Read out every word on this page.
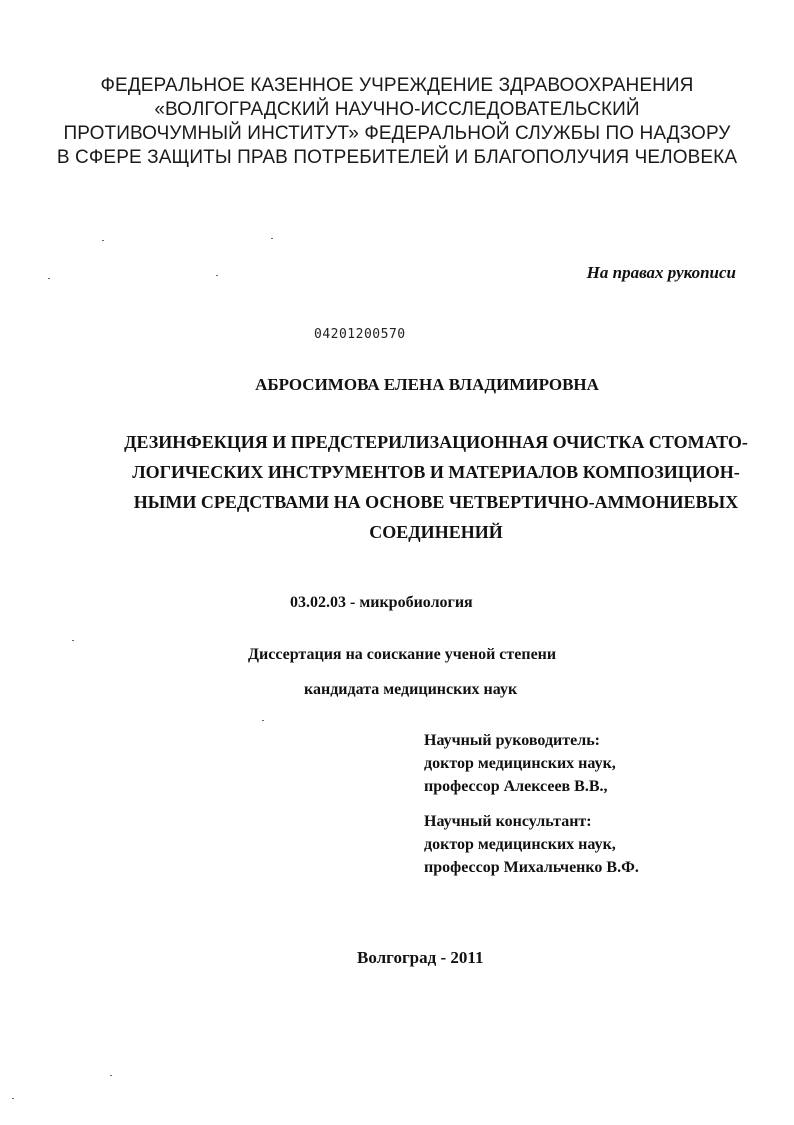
ФЕДЕРАЛЬНОЕ КАЗЕННОЕ УЧРЕЖДЕНИЕ ЗДРАВООХРАНЕНИЯ
«ВОЛГОГРАДСКИЙ НАУЧНО-ИССЛЕДОВАТЕЛЬСКИЙ
ПРОТИВОЧУМНЫЙ ИНСТИТУТ» ФЕДЕРАЛЬНОЙ СЛУЖБЫ ПО НАДЗОРУ
В СФЕРЕ ЗАЩИТЫ ПРАВ ПОТРЕБИТЕЛЕЙ И БЛАГОПОЛУЧИЯ ЧЕЛОВЕКА
На правах рукописи
04201200570
АБРОСИМОВА ЕЛЕНА ВЛАДИМИРОВНА
ДЕЗИНФЕКЦИЯ И ПРЕДСТЕРИЛИЗАЦИОННАЯ ОЧИСТКА СТОМАТО-
ЛОГИЧЕСКИХ ИНСТРУМЕНТОВ И МАТЕРИАЛОВ КОМПОЗИЦИОН-
НЫМИ СРЕДСТВАМИ НА ОСНОВЕ ЧЕТВЕРТИЧНО-АММОНИЕВЫХ
СОЕДИНЕНИЙ
03.02.03 - микробиология
Диссертация на соискание ученой степени
кандидата медицинских наук
Научный руководитель:
доктор медицинских наук,
профессор Алексеев В.В.,
Научный консультант:
доктор медицинских наук,
профессор Михальченко В.Ф.
Волгоград - 2011
